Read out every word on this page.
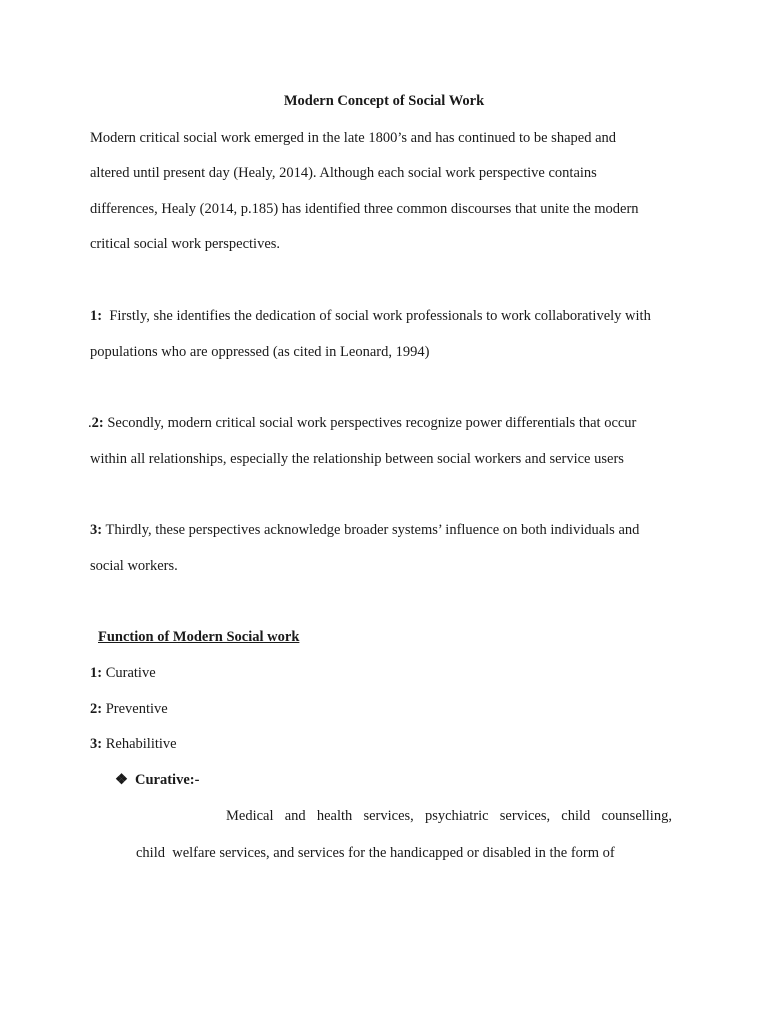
Modern Concept of Social Work
Modern critical social work emerged in the late 1800’s and has continued to be shaped and
altered until present day (Healy, 2014). Although each social work perspective contains
differences, Healy (2014, p.185) has identified three common discourses that unite the modern
critical social work perspectives.
1:  Firstly, she identifies the dedication of social work professionals to work collaboratively with
populations who are oppressed (as cited in Leonard, 1994)
.2: Secondly, modern critical social work perspectives recognize power differentials that occur
within all relationships, especially the relationship between social workers and service users
3: Thirdly, these perspectives acknowledge broader systems’ influence on both individuals and
social workers.
Function of Modern Social work
1: Curative
2: Preventive
3: Rehabilitive
❖ Curative:-
Medical and health services, psychiatric services, child counselling,
child  welfare services, and services for the handicapped or disabled in the form of
